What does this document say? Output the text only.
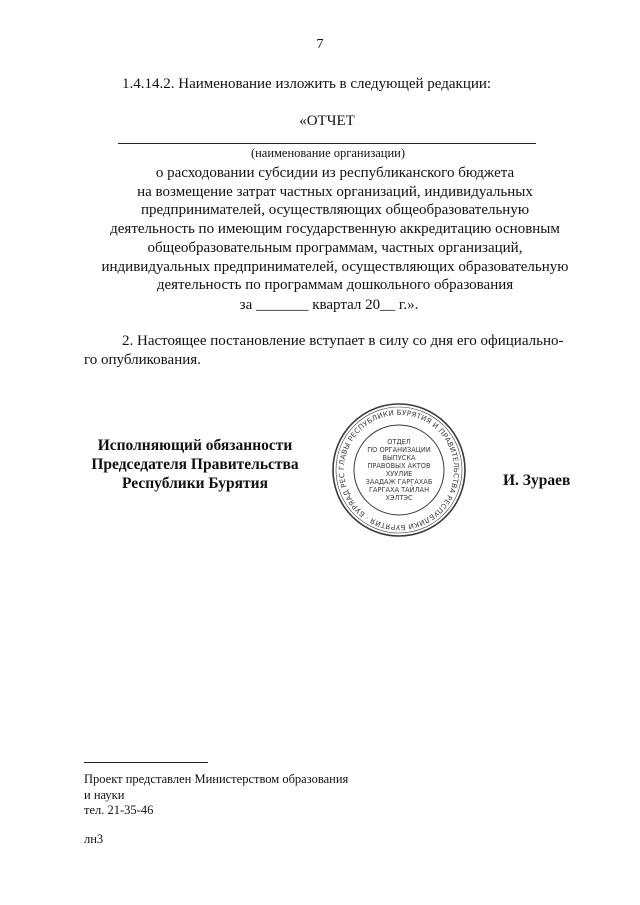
7
1.4.14.2. Наименование изложить в следующей редакции:
«ОТЧЕТ
(наименование организации)
о расходовании субсидии из республиканского бюджета
на возмещение затрат частных организаций, индивидуальных
предпринимателей, осуществляющих общеобразовательную
деятельность по имеющим государственную аккредитацию основным
общеобразовательным программам, частных организаций,
индивидуальных предпринимателей, осуществляющих образовательную
деятельность по программам дошкольного образования
за _______ квартал 20__ г.».
2. Настоящее постановление вступает в силу со дня его официально-
го опубликования.
Исполняющий обязанности
Председателя Правительства
Республики Бурятия
ГЛАВЫ РЕСПУБЛИКИ БУРЯТИЯ И ПРАВИТЕЛЬСТВА РЕСПУБЛИКИ БУРЯТИЯ · БУРЯАД РЕС
ОТДЕЛ
ПО ОРГАНИЗАЦИИ
ВЫПУСКА
ПРАВОВЫХ АКТОВ
ХУУЛИЕ
ЗААДАЖ ГАРГАХАБ
ГАРГАХА ТАЙЛАН
ХЭЛТЭС
И. Зураев
Проект представлен Министерством образования
и науки
тел. 21-35-46
лн3
